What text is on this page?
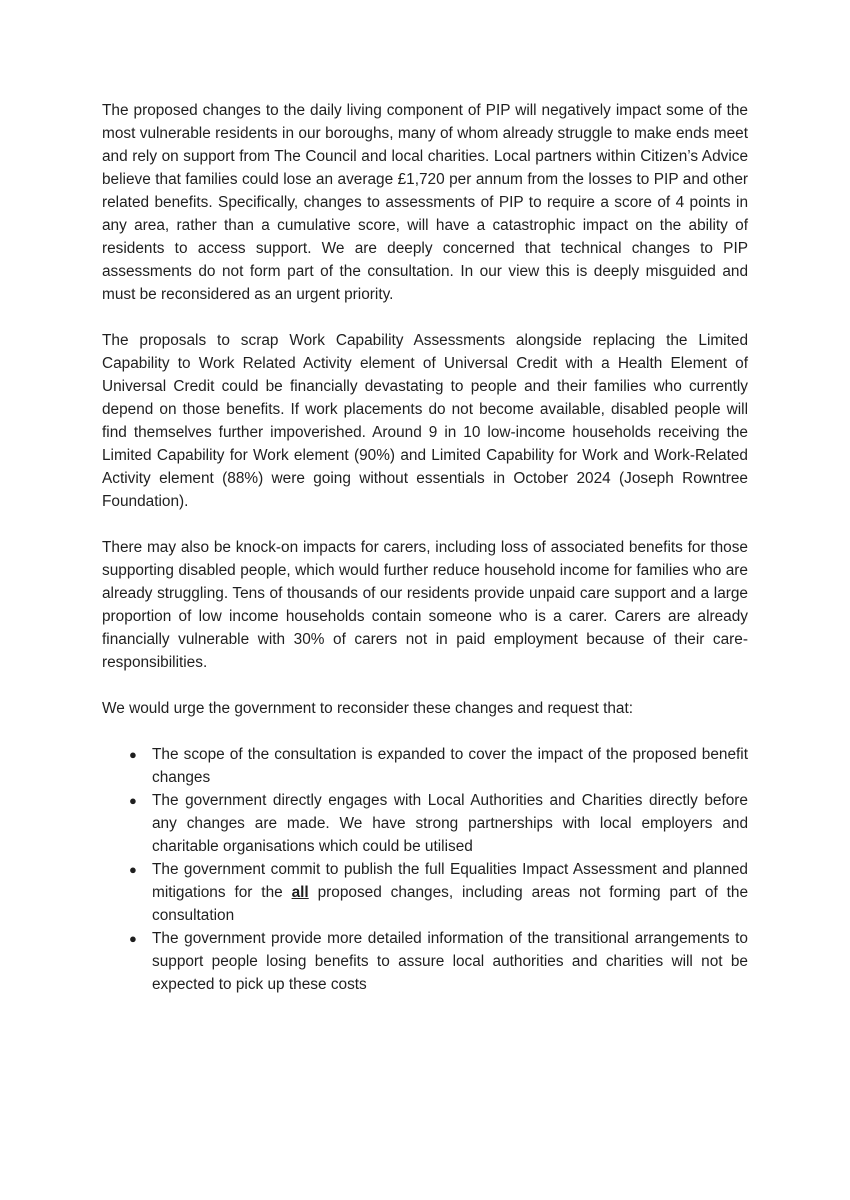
The proposed changes to the daily living component of PIP will negatively impact some of the most vulnerable residents in our boroughs, many of whom already struggle to make ends meet and rely on support from The Council and local charities. Local partners within Citizen’s Advice believe that families could lose an average £1,720 per annum from the losses to PIP and other related benefits. Specifically, changes to assessments of PIP to require a score of 4 points in any area, rather than a cumulative score, will have a catastrophic impact on the ability of residents to access support. We are deeply concerned that technical changes to PIP assessments do not form part of the consultation. In our view this is deeply misguided and must be reconsidered as an urgent priority.

The proposals to scrap Work Capability Assessments alongside replacing the Limited Capability to Work Related Activity element of Universal Credit with a Health Element of Universal Credit could be financially devastating to people and their families who currently depend on those benefits. If work placements do not become available, disabled people will find themselves further impoverished. Around 9 in 10 low-income households receiving the Limited Capability for Work element (90%) and Limited Capability for Work and Work-Related Activity element (88%) were going without essentials in October 2024 (Joseph Rowntree Foundation).

There may also be knock-on impacts for carers, including loss of associated benefits for those supporting disabled people, which would further reduce household income for families who are already struggling. Tens of thousands of our residents provide unpaid care support and a large proportion of low income households contain someone who is a carer. Carers are already financially vulnerable with 30% of carers not in paid employment because of their care-responsibilities.

We would urge the government to reconsider these changes and request that:

● The scope of the consultation is expanded to cover the impact of the proposed benefit changes
● The government directly engages with Local Authorities and Charities directly before any changes are made. We have strong partnerships with local employers and charitable organisations which could be utilised
● The government commit to publish the full Equalities Impact Assessment and planned mitigations for the all proposed changes, including areas not forming part of the consultation
● The government provide more detailed information of the transitional arrangements to support people losing benefits to assure local authorities and charities will not be expected to pick up these costs
